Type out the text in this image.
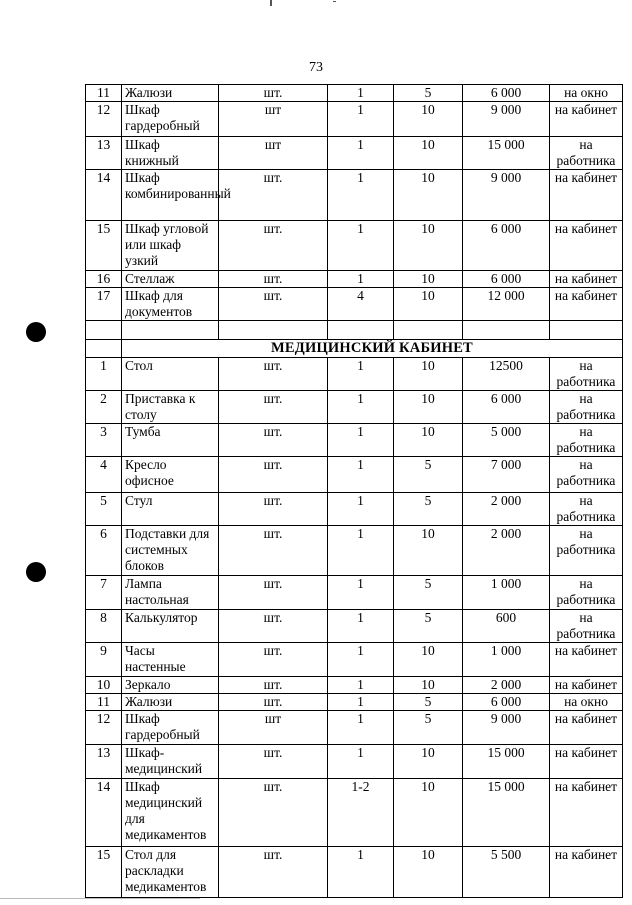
73
11	Жалюзи	шт.	1	5	6 000	на окно
12	Шкаф гардеробный	шт	1	10	9 000	на кабинет
13	Шкаф книжный	шт	1	10	15 000	на работника
14	Шкаф комбинированный	шт.	1	10	9 000	на кабинет
15	Шкаф угловой или шкаф узкий	шт.	1	10	6 000	на кабинет
16	Стеллаж	шт.	1	10	6 000	на кабинет
17	Шкаф для документов	шт.	4	10	12 000	на кабинет

	МЕДИЦИНСКИЙ КАБИНЕТ					
1	Стол	шт.	1	10	12500	на работника
2	Приставка к столу	шт.	1	10	6 000	на работника
3	Тумба	шт.	1	10	5 000	на работника
4	Кресло офисное	шт.	1	5	7 000	на работника
5	Стул	шт.	1	5	2 000	на работника
6	Подставки для системных блоков	шт.	1	10	2 000	на работника
7	Лампа настольная	шт.	1	5	1 000	на работника
8	Калькулятор	шт.	1	5	600	на работника
9	Часы настенные	шт.	1	10	1 000	на кабинет
10	Зеркало	шт.	1	10	2 000	на кабинет
11	Жалюзи	шт.	1	5	6 000	на окно
12	Шкаф гардеробный	шт	1	5	9 000	на кабинет
13	Шкаф-медицинский	шт.	1	10	15 000	на кабинет
14	Шкаф медицинский для медикаментов	шт.	1-2	10	15 000	на кабинет
15	Стол для раскладки медикаментов	шт.	1	10	5 500	на кабинет
